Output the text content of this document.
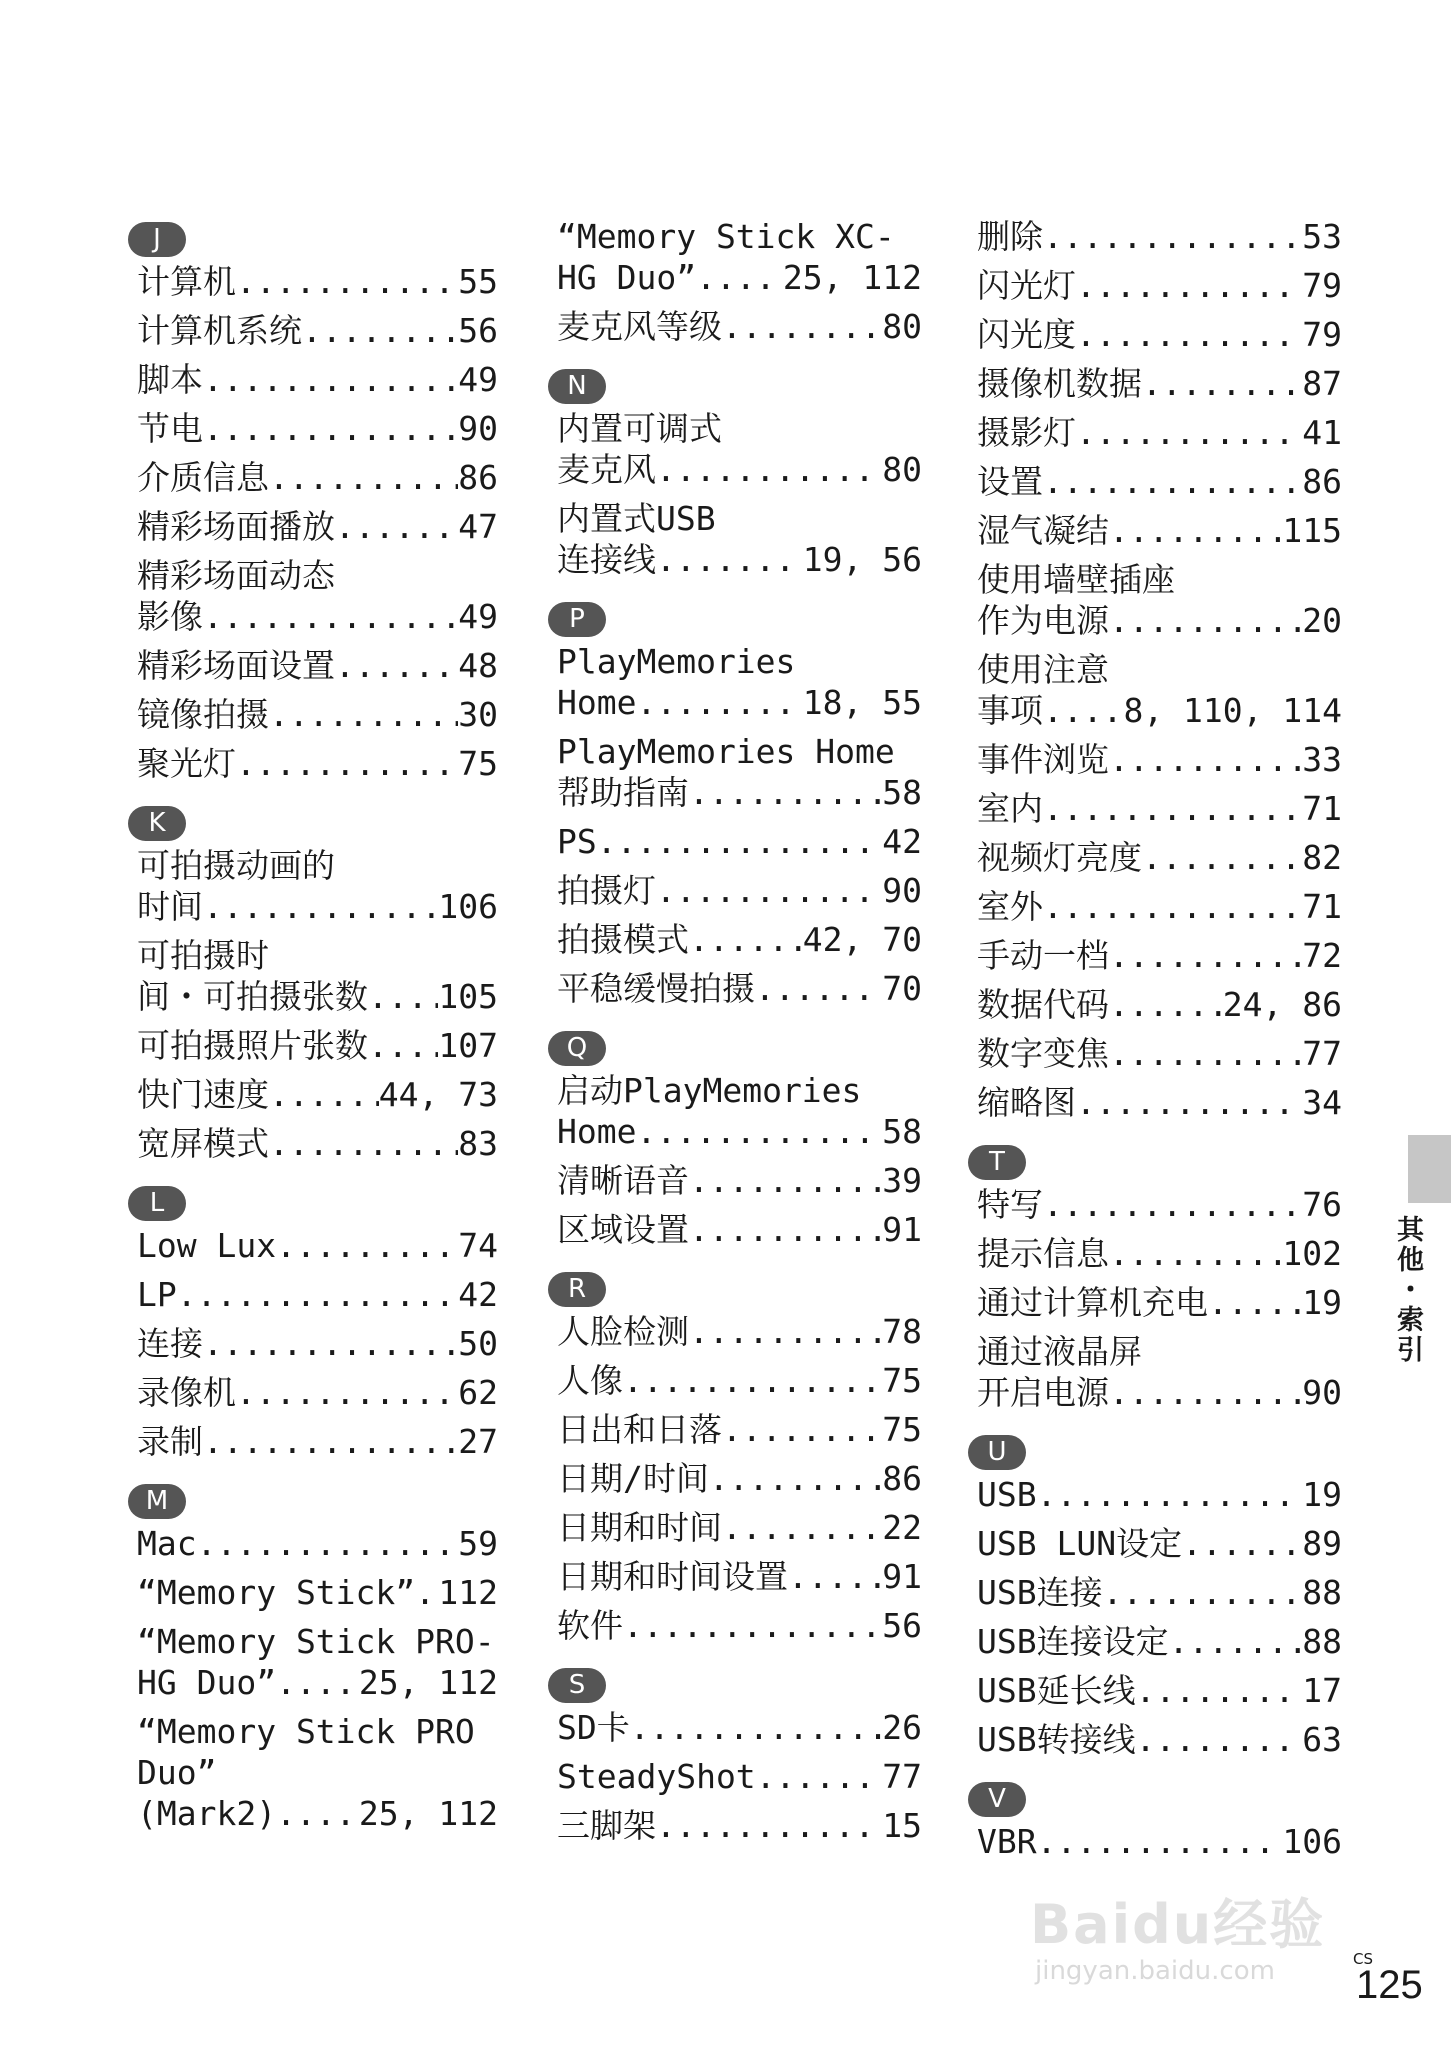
J
计算机 .....	55
计算机系统 .....	56
脚本 .....	49
节电 .....	90
介质信息 .....	86
精彩场面播放 .....	47
精彩场面动态
影像 .....	49
精彩场面设置 .....	48
镜像拍摄 .....	30
聚光灯 .....	75
K
可拍摄动画的
时间 .....	106
可拍摄时
间・可拍摄张数 ..... 105
可拍摄照片张数 ..... 107
快门速度 .....	44, 73
宽屏模式 .....	83
L
Low Lux .....	74
LP .....	42
连接 .....	50
录像机 .....	62
录制 .....	27
M
Mac .....	59
“Memory Stick” ..... 112
“Memory Stick PRO-
HG Duo” .....	25, 112
“Memory Stick PRO
Duo”
(Mark2) .....	25, 112
“Memory Stick XC-
HG Duo” .....	25, 112
麦克风等级 .....	80
N
内置可调式
麦克风 .....	80
内置式USB
连接线 .....	19, 56
P
PlayMemories
Home .....	18, 55
PlayMemories Home
帮助指南 .....	58
PS .....	42
拍摄灯 .....	90
拍摄模式 .....	42, 70
平稳缓慢拍摄 .....	70
Q
启动PlayMemories
Home .....	58
清晰语音 .....	39
区域设置 .....	91
R
人脸检测 .....	78
人像 .....	75
日出和日落 .....	75
日期/时间 .....	86
日期和时间 .....	22
日期和时间设置 .....	91
软件 .....	56
S
SD卡 .....	26
SteadyShot .....	77
三脚架 .....	15
删除 .....	53
闪光灯 .....	79
闪光度 .....	79
摄像机数据 .....	87
摄影灯 .....	41
设置 .....	86
湿气凝结 .....	115
使用墙壁插座
作为电源 .....	20
使用注意
事项 ..... 8, 110, 114
事件浏览 .....	33
室内 .....	71
视频灯亮度 .....	82
室外 .....	71
手动一档 .....	72
数据代码 .....	24, 86
数字变焦 .....	77
缩略图 .....	34
T
特写 .....	76
提示信息 .....	102
通过计算机充电 .....	19
通过液晶屏
开启电源 .....	90
U
USB .....	19
USB LUN设定 .....	89
USB连接 .....	88
USB连接设定 .....	88
USB延长线 .....	17
USB转接线 .....	63
V
VBR .....	106
其他・索引
Baidu经验
jingyan.baidu.com	CS
125
